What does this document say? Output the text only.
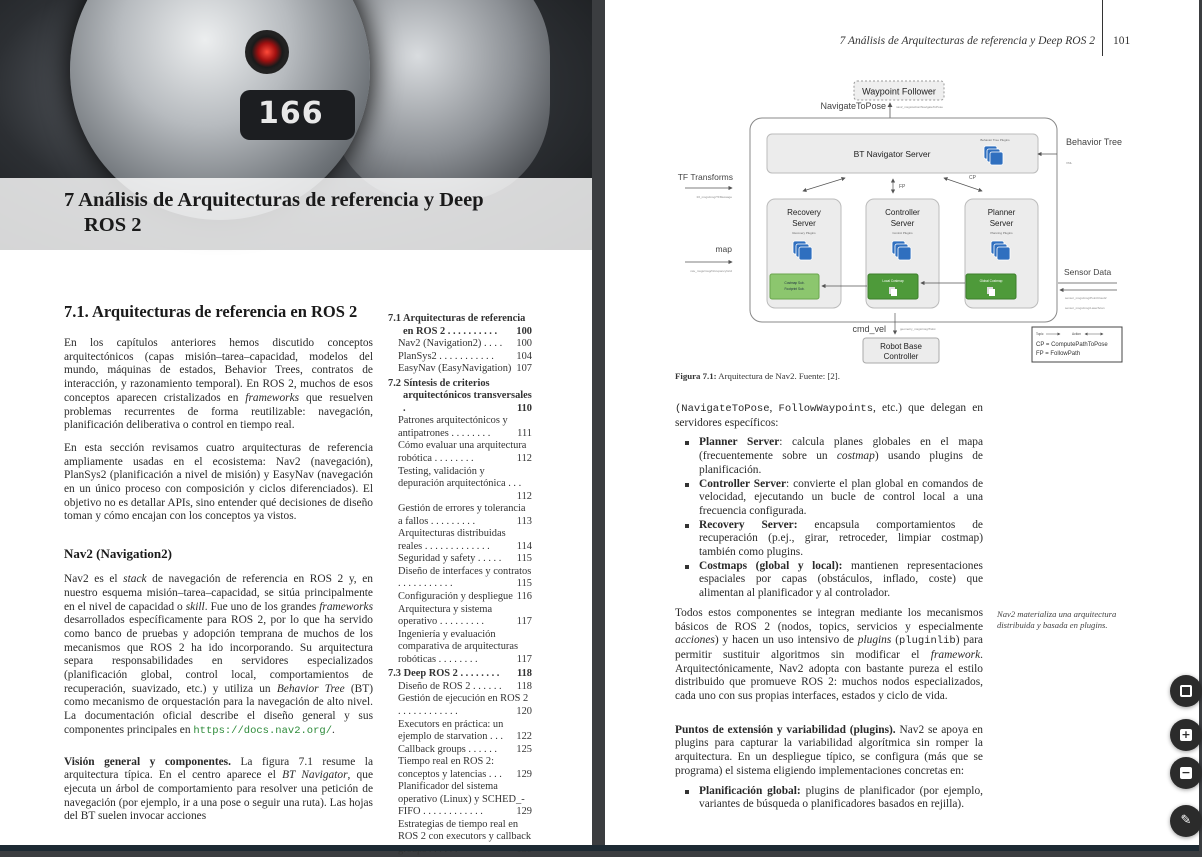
166
7 Análisis de Arquitecturas de referencia y Deep
ROS 2
7.1. Arquitecturas de referencia en ROS 2
En los capítulos anteriores hemos discutido conceptos arquitectónicos (capas misión–tarea–capacidad, modelos del mundo, máquinas de estados, Behavior Trees, contratos de interacción, y razonamiento temporal). En ROS 2, muchos de esos conceptos aparecen cristalizados en frameworks que resuelven problemas recurrentes de forma reutilizable: navegación, planificación deliberativa o control en tiempo real.
En esta sección revisamos cuatro arquitecturas de referencia ampliamente usadas en el ecosistema: Nav2 (navegación), PlanSys2 (planificación a nivel de misión) y EasyNav (navegación en un único proceso con composición y ciclos diferenciados). El objetivo no es detallar APIs, sino entender qué decisiones de diseño toman y cómo encajan con los conceptos ya vistos.
Nav2 (Navigation2)
Nav2 es el stack de navegación de referencia en ROS 2 y, en nuestro esquema misión–tarea–capacidad, se sitúa principalmente en el nivel de capacidad o skill. Fue uno de los grandes frameworks desarrollados específicamente para ROS 2, por lo que ha servido como banco de pruebas y adopción temprana de muchos de los mecanismos que ROS 2 ha ido incorporando. Su arquitectura separa responsabilidades en servidores especializados (planificación global, control local, comportamientos de recuperación, suavizado, etc.) y utiliza un Behavior Tree (BT) como mecanismo de orquestación para la navegación de alto nivel. La documentación oficial describe el diseño general y sus componentes principales en https://docs.nav2.org/.
Visión general y componentes. La figura 7.1 resume la arquitectura típica. En el centro aparece el BT Navigator, que ejecuta un árbol de comportamiento para resolver una petición de navegación (por ejemplo, ir a una pose o seguir una ruta). Las hojas del BT suelen invocar acciones
7.1 Arquitecturas de referencia en ROS 2 . . . . . . . . . . 100
Nav2 (Navigation2) . . . . 100
PlanSys2 . . . . . . . . . . . 104
EasyNav (EasyNavigation) 107
7.2 Síntesis de criterios arquitectónicos transversales .	110
Patrones arquitectónicos y antipatrones . . . . . . . .	111
Cómo evaluar una arquitectura robótica . . . . . . . .	112
Testing, validación y depuración arquitectónica . . .
112
Gestión de errores y tolerancia a fallos . . . . . . . . .	113
Arquitecturas distribuidas reales . . . . . . . . . . . . .	114
Seguridad y safety . . . . . 115
Diseño de interfaces y contratos . . . . . . . . . . .	115
Configuración y despliegue 116
Arquitectura y sistema operativo . . . . . . . . .	117
Ingeniería y evaluación comparativa de arquitecturas robóticas . . . . . . . .	117
7.3 Deep ROS 2 . . . . . . . . 118
Diseño de ROS 2 . . . . . . 118
Gestión de ejecución en ROS 2 . . . . . . . . . . . .	120
Executors en práctica: un ejemplo de starvation . . . 122
Callback groups . . . . . . 125
Tiempo real en ROS 2: conceptos y latencias . . . 129
Planificador del sistema operativo (Linux) y SCHED_-FIFO . . . . . . . . . . . .	129
Estrategias de tiempo real en ROS 2 con executors y callback
7 Análisis de Arquitecturas de referencia y Deep ROS 2 101
Figura 7.1: Arquitectura de Nav2. Fuente: [2].
(NavigateToPose, FollowWaypoints, etc.) que delegan en servidores específicos:
Planner Server: calcula planes globales en el mapa (frecuentemente sobre un costmap) usando plugins de planificación.
Controller Server: convierte el plan global en comandos de velocidad, ejecutando un bucle de control local a una frecuencia configurada.
Recovery Server: encapsula comportamientos de recuperación (p.ej., girar, retroceder, limpiar costmap) también como plugins.
Costmaps (global y local): mantienen representaciones espaciales por capas (obstáculos, inflado, coste) que alimentan al planificador y al controlador.
Todos estos componentes se integran mediante los mecanismos básicos de ROS 2 (nodos, topics, servicios y especialmente acciones) y hacen un uso intensivo de plugins (pluginlib) para permitir sustituir algoritmos sin modificar el framework. Arquitectónicamente, Nav2 adopta con bastante pureza el estilo distribuido que promueve ROS 2: muchos nodos especializados, cada uno con sus propias interfaces, estados y ciclo de vida.
Puntos de extensión y variabilidad (plugins). Nav2 se apoya en plugins para capturar la variabilidad algorítmica sin romper la arquitectura. En un despliegue típico, se configura (más que se programa) el sistema eligiendo implementaciones concretas en:
Planificación global: plugins de planificador (por ejemplo, variantes de búsqueda o planificadores basados en rejilla).
Nav2 materializa una arquitectura distribuida y basada en plugins.
Waypoint Follower
NavigateToPose	nav2_msgs/action/NavigateToPose
BT Navigator Server
Behavior Tree Plugins	Behavior Tree
XML
TF Transforms
tf2_msgs/msg/TFMessage
map
nav_msgs/msg/OccupancyGrid	Sensor Data
sensor_msgs/msg/PointCloud2
sensor_msgs/msg/LaserScan
FP
CP
Recovery
Server
Recovery Plugins
Costmap Sub.
Footprint Sub.
Controller
Server
Control Plugins
Local Costmap
Planner
Server
Planning Plugins
Global Costmap
cmd_vel	geometry_msgs/msg/Twist
Robot Base
Controller
Topic	Action
CP = ComputePathToPose
FP = FollowPath
+
−
✎
